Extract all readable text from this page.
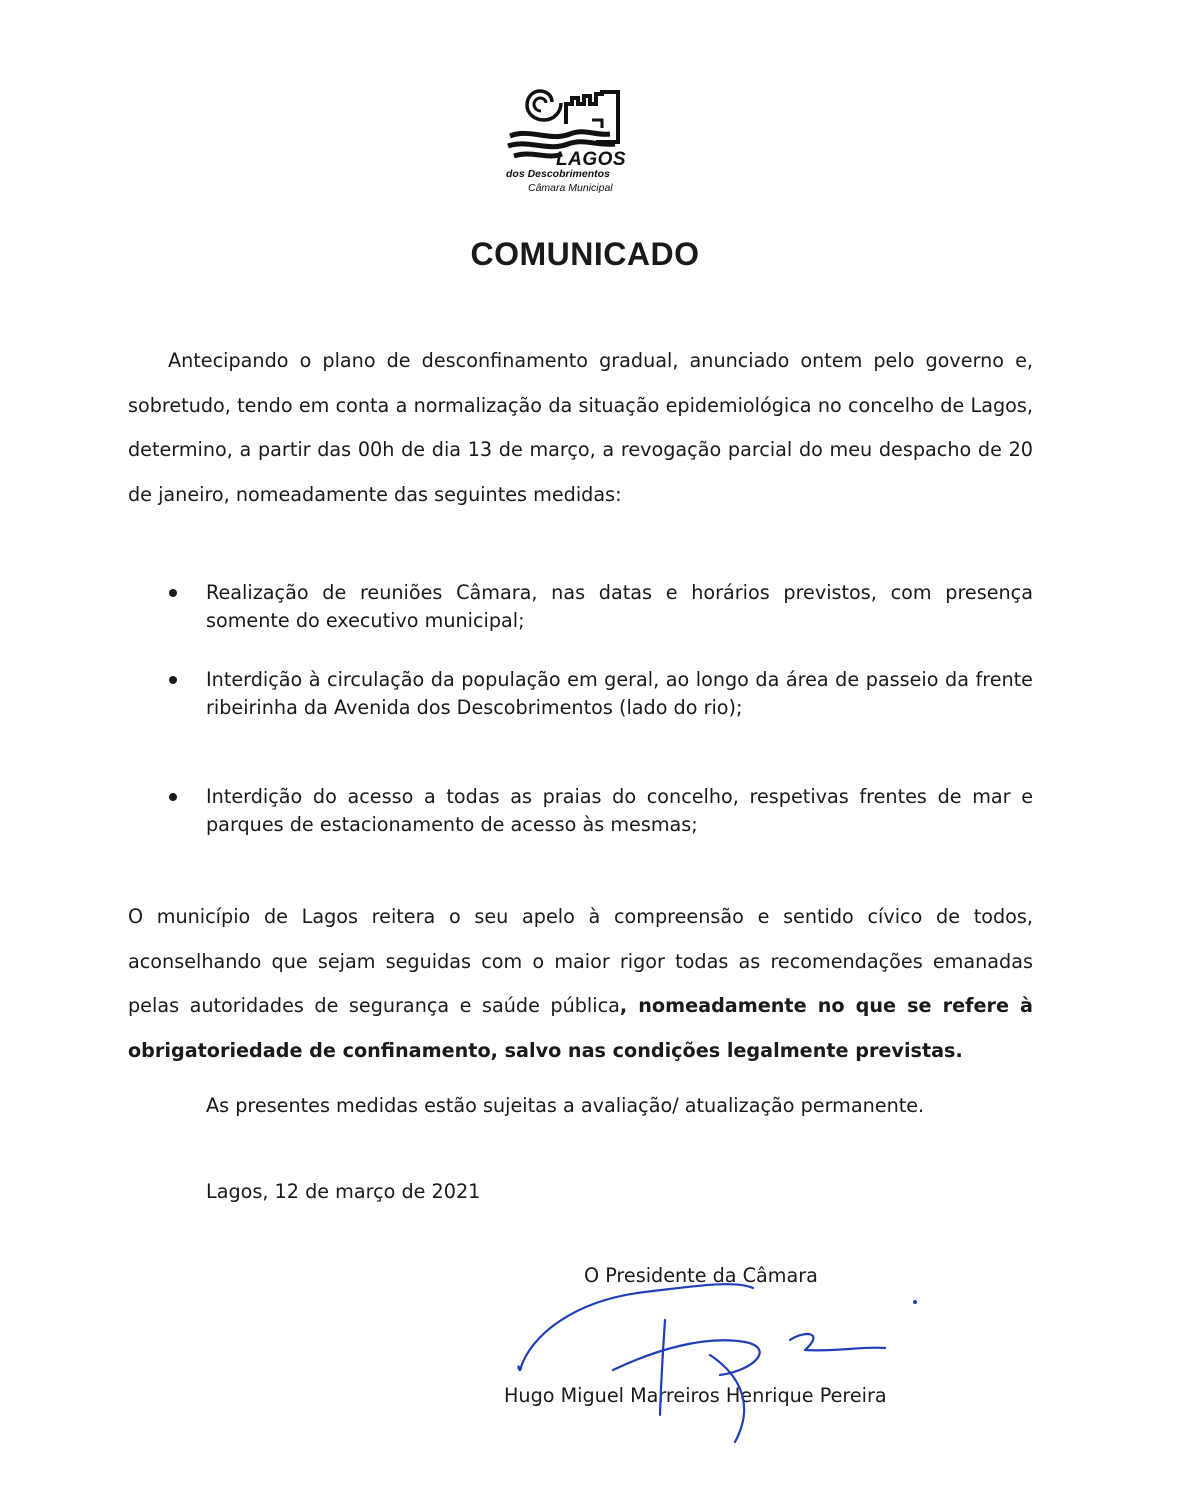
LAGOS
dos Descobrimentos
Câmara Municipal
COMUNICADO
Antecipando o plano de desconfinamento gradual, anunciado ontem pelo governo e, sobretudo, tendo em conta a normalização da situação epidemiológica no concelho de Lagos, determino, a partir das 00h de dia 13 de março, a revogação parcial do meu despacho de 20 de janeiro, nomeadamente das seguintes medidas:
Realização de reuniões Câmara, nas datas e horários previstos, com presença somente do executivo municipal;
Interdição à circulação da população em geral, ao longo da área de passeio da frente ribeirinha da Avenida dos Descobrimentos (lado do rio);
Interdição do acesso a todas as praias do concelho, respetivas frentes de mar e parques de estacionamento de acesso às mesmas;
O município de Lagos reitera o seu apelo à compreensão e sentido cívico de todos, aconselhando que sejam seguidas com o maior rigor todas as recomendações emanadas pelas autoridades de segurança e saúde pública, nomeadamente no que se refere à obrigatoriedade de confinamento, salvo nas condições legalmente previstas.
As presentes medidas estão sujeitas a avaliação/ atualização permanente.
Lagos, 12 de março de 2021
O Presidente da Câmara
Hugo Miguel Marreiros Henrique Pereira
